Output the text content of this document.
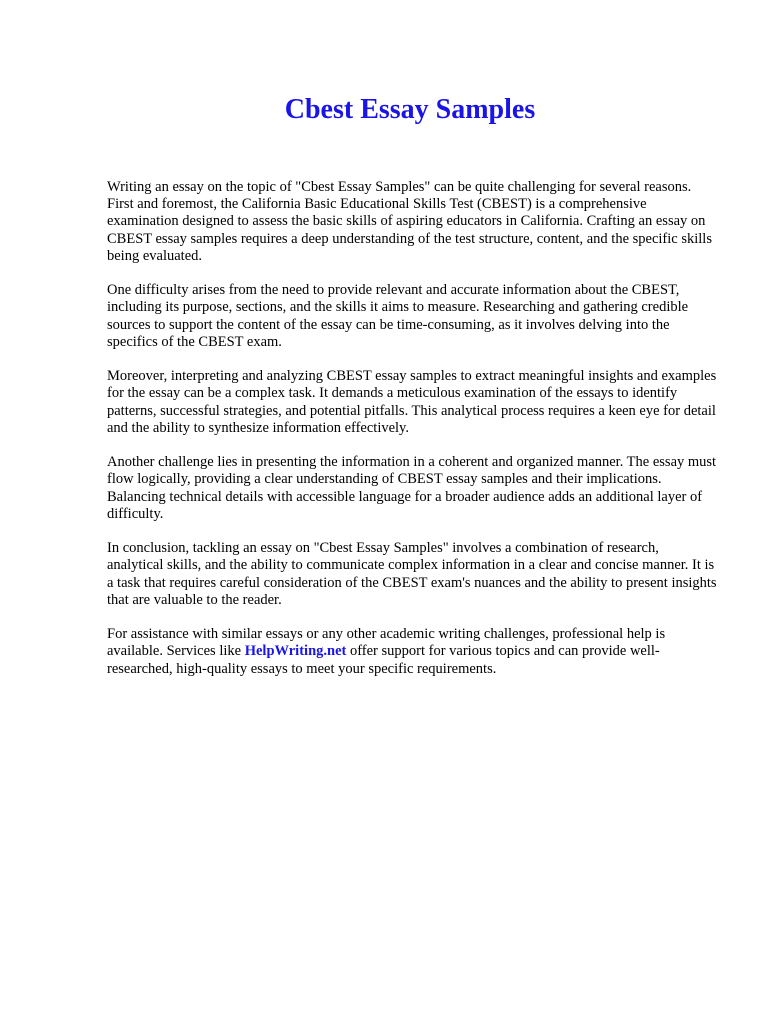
Cbest Essay Samples

Writing an essay on the topic of "Cbest Essay Samples" can be quite challenging for several reasons. First and foremost, the California Basic Educational Skills Test (CBEST) is a comprehensive examination designed to assess the basic skills of aspiring educators in California. Crafting an essay on CBEST essay samples requires a deep understanding of the test structure, content, and the specific skills being evaluated.

One difficulty arises from the need to provide relevant and accurate information about the CBEST, including its purpose, sections, and the skills it aims to measure. Researching and gathering credible sources to support the content of the essay can be time-consuming, as it involves delving into the specifics of the CBEST exam.

Moreover, interpreting and analyzing CBEST essay samples to extract meaningful insights and examples for the essay can be a complex task. It demands a meticulous examination of the essays to identify patterns, successful strategies, and potential pitfalls. This analytical process requires a keen eye for detail and the ability to synthesize information effectively.

Another challenge lies in presenting the information in a coherent and organized manner. The essay must flow logically, providing a clear understanding of CBEST essay samples and their implications. Balancing technical details with accessible language for a broader audience adds an additional layer of difficulty.

In conclusion, tackling an essay on "Cbest Essay Samples" involves a combination of research, analytical skills, and the ability to communicate complex information in a clear and concise manner. It is a task that requires careful consideration of the CBEST exam's nuances and the ability to present insights that are valuable to the reader.

For assistance with similar essays or any other academic writing challenges, professional help is available. Services like HelpWriting.net offer support for various topics and can provide well-researched, high-quality essays to meet your specific requirements.
